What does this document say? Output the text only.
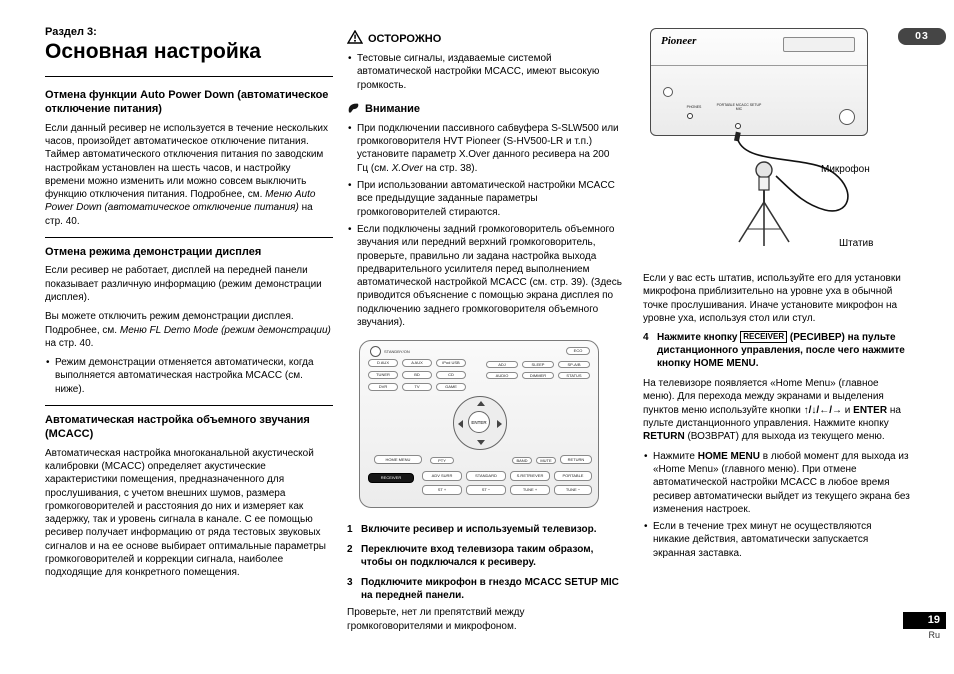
03
Раздел 3:
Основная настройка
Отмена функции Auto Power Down (автоматическое отключение питания)

Если данный ресивер не используется в течение нескольких часов, произойдет автоматическое отключение питания. Таймер автоматического отключения питания по заводским настройкам установлен на шесть часов, и настройку времени можно изменить или можно совсем выключить функцию отключения питания. Подробнее, см. Меню Auto Power Down (автоматическое отключение питания) на стр. 40.

Отмена режима демонстрации дисплея

Если ресивер не работает, дисплей на передней панели показывает различную информацию (режим демонстрации дисплея).

Вы можете отключить режим демонстрации дисплея. Подробнее, см. Меню FL Demo Mode (режим демонстрации) на стр. 40.

• Режим демонстрации отменяется автоматически, когда выполняется автоматическая настройка MCACC (см. ниже).
Автоматическая настройка объемного звучания (MCACC)

Автоматическая настройка многоканальной акустической калибровки (MCACC) определяет акустические характеристики помещения, предназначенного для прослушивания, с учетом внешних шумов, размера громкоговорителей и расстояния до них и измеряет как задержку, так и уровень сигнала в канале. С ее помощью ресивер получает информацию от ряда тестовых звуковых сигналов и на ее основе выбирает оптимальные параметры громкоговорителей и коррекции сигнала, наиболее подходящие для конкретного помещения.

ОСТОРОЖНО
• Тестовые сигналы, издаваемые системой автоматической настройки MCACC, имеют высокую громкость.
Внимание
• При подключении пассивного сабвуфера S-SLW500 или громкоговорителя HVT Pioneer (S-HV500-LR и т.п.) установите параметр X.Over данного ресивера на 200 Гц (см. X.Over на стр. 38).
• При использовании автоматической настройки MCACC все предыдущие заданные параметры громкоговорителей стираются.
• Если подключены задний громкоговоритель объемного звучания или передний верхний громкоговоритель, проверьте, правильно ли задана настройка выхода предварительного усилителя перед выполнением автоматической настройкой MCACC (см. стр. 39). (Здесь приводится объяснение с помощью экрана дисплея по подключению заднего громкоговорителя объемного звучания).
STANDBY/ON	ECO
D AUX	A AUX	iPod USB
TUNER	BD	CD
DVR	TV	GAME
ADJ	SLEEP	SP-A/B
AUDIO	DIMMER	STATUS
ENTER
HOME MENU	PTY	BAND	MUTE	RETURN
RECEIVER	ADV SURR	STANDARD	S.RETRIEVER	PORTABLE
ST +	ST −	TUNE +	TUNE −
1 Включите ресивер и используемый телевизор.
2 Переключите вход телевизора таким образом, чтобы он подключался к ресиверу.
3 Подключите микрофон в гнездо MCACC SETUP MIC на передней панели.

Проверьте, нет ли препятствий между громкоговорителями и микрофоном.

Pioneer
PHONES
PORTABLE MCACC SETUP MIC
Микрофон
Штатив

Если у вас есть штатив, используйте его для установки микрофона приблизительно на уровне уха в обычной точке прослушивания. Иначе установите микрофон на уровне уха, используя стол или стул.

4 Нажмите кнопку RECEIVER (РЕСИВЕР) на пульте дистанционного управления, после чего нажмите кнопку HOME MENU.

На телевизоре появляется «Home Menu» (главное меню). Для перехода между экранами и выделения пунктов меню используйте кнопки ↑/↓/←/→ и ENTER на пульте дистанционного управления. Нажмите кнопку RETURN (ВОЗВРАТ) для выхода из текущего меню.

• Нажмите HOME MENU в любой момент для выхода из «Home Menu» (главного меню). При отмене автоматической настройки MCACC в любое время ресивер автоматически выйдет из текущего экрана без изменения настроек.
• Если в течение трех минут не осуществляются никакие действия, автоматически запускается экранная заставка.
19
Ru
